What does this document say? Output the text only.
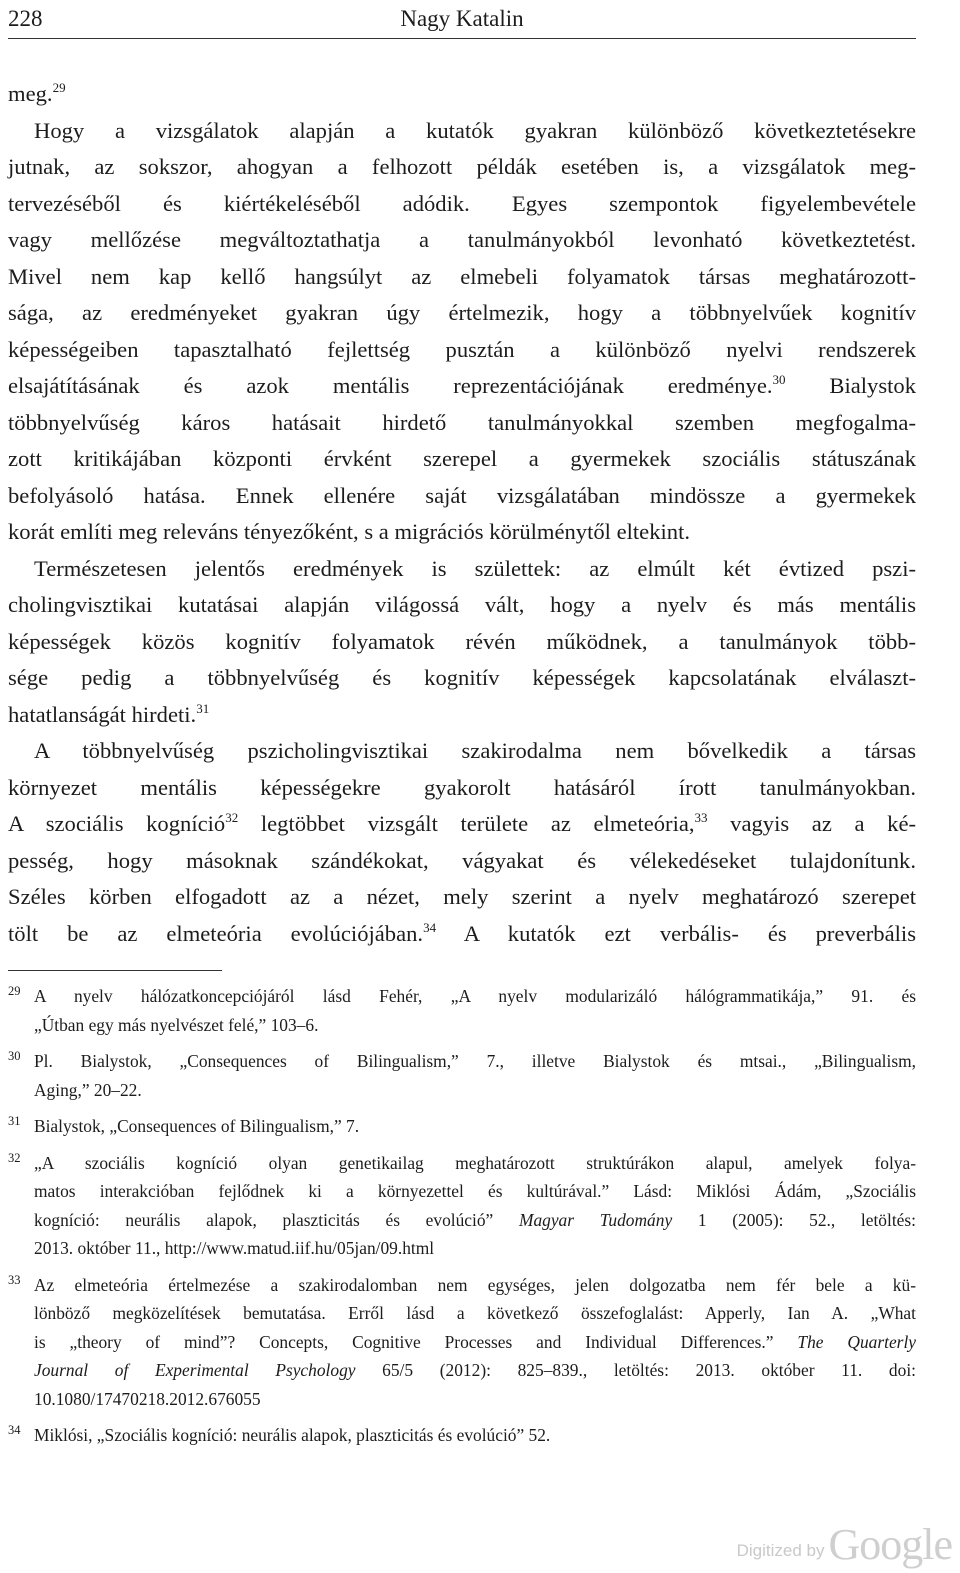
228	Nagy Katalin
meg.$^{29}$
Hogy a vizsgálatok alapján a kutatók gyakran különböző következtetésekre
jutnak, az sokszor, ahogyan a felhozott példák esetében is, a vizsgálatok meg-
tervezéséből és kiértékeléséből adódik. Egyes szempontok figyelembevétele
vagy mellőzése megváltoztathatja a tanulmányokból levonható következtetést.
Mivel nem kap kellő hangsúlyt az elmebeli folyamatok társas meghatározott-
sága, az eredményeket gyakran úgy értelmezik, hogy a többnyelvűek kognitív
képességeiben tapasztalható fejlettség pusztán a különböző nyelvi rendszerek
elsajátításának és azok mentális reprezentációjának eredménye.$^{30}$ Bialystok
többnyelvűség káros hatásait hirdető tanulmányokkal szemben megfogalma-
zott kritikájában központi érvként szerepel a gyermekek szociális státuszának
befolyásoló hatása. Ennek ellenére saját vizsgálatában mindössze a gyermekek
korát említi meg releváns tényezőként, s a migrációs körülménytől eltekint.
Természetesen jelentős eredmények is születtek: az elmúlt két évtized pszi-
cholingvisztikai kutatásai alapján világossá vált, hogy a nyelv és más mentális
képességek közös kognitív folyamatok révén működnek, a tanulmányok több-
sége pedig a többnyelvűség és kognitív képességek kapcsolatának elválaszt-
hatatlanságát hirdeti.$^{31}$
A többnyelvűség pszicholingvisztikai szakirodalma nem bővelkedik a társas
környezet mentális képességekre gyakorolt hatásáról írott tanulmányokban.
A szociális kogníció$^{32}$ legtöbbet vizsgált területe az elmeteória,$^{33}$ vagyis az a ké-
pesség, hogy másoknak szándékokat, vágyakat és vélekedéseket tulajdonítunk.
Széles körben elfogadott az a nézet, mely szerint a nyelv meghatározó szerepet
tölt be az elmeteória evolúciójában.$^{34}$ A kutatók ezt verbális- és preverbális
29 A nyelv hálózatkoncepciójáról lásd Fehér, „A nyelv modularizáló hálógrammatikája,” 91. és
„Útban egy más nyelvészet felé,” 103–6.
30 Pl. Bialystok, „Consequences of Bilingualism,” 7., illetve Bialystok és mtsai., „Bilingualism,
Aging,” 20–22.
31 Bialystok, „Consequences of Bilingualism,” 7.
32 „A szociális kogníció olyan genetikailag meghatározott struktúrákon alapul, amelyek folya-
matos interakcióban fejlődnek ki a környezettel és kultúrával.” Lásd: Miklósi Ádám, „Szociális
kogníció: neurális alapok, plaszticitás és evolúció” Magyar Tudomány 1 (2005): 52., letöltés:
2013. október 11., http://www.matud.iif.hu/05jan/09.html
33 Az elmeteória értelmezése a szakirodalomban nem egységes, jelen dolgozatba nem fér bele a kü-
lönböző megközelítések bemutatása. Erről lásd a következő összefoglalást: Apperly, Ian A. „What
is „theory of mind”? Concepts, Cognitive Processes and Individual Differences.” The Quarterly
Journal of Experimental Psychology 65/5 (2012): 825–839., letöltés: 2013. október 11. doi:
10.1080/17470218.2012.676055
34 Miklósi, „Szociális kogníció: neurális alapok, plaszticitás és evolúció” 52.
Digitized by Google
